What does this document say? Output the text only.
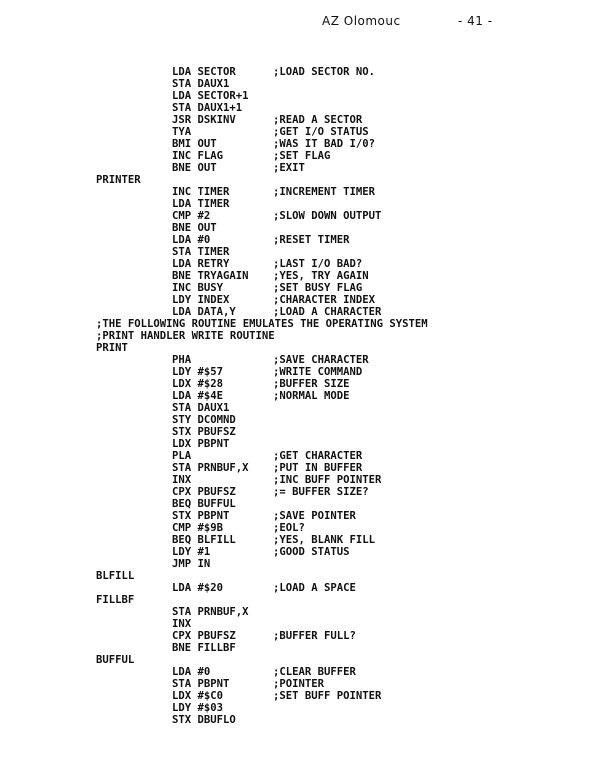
AZ Olomouc	- 41 -
LDA SECTOR	;LOAD SECTOR NO.
STA DAUX1
LDA SECTOR+1
STA DAUX1+1
JSR DSKINV	;READ A SECTOR
TYA	;GET I/O STATUS
BMI OUT	;WAS IT BAD I/0?
INC FLAG	;SET FLAG
BNE OUT	;EXIT
PRINTER
INC TIMER	;INCREMENT TIMER
LDA TIMER
CMP #2	;SLOW DOWN OUTPUT
BNE OUT
LDA #0	;RESET TIMER
STA TIMER
LDA RETRY	;LAST I/O BAD?
BNE TRYAGAIN ;YES, TRY AGAIN
INC BUSY	;SET BUSY FLAG
LDY INDEX	;CHARACTER INDEX
LDA DATA,Y	;LOAD A CHARACTER
;THE FOLLOWING ROUTINE EMULATES THE OPERATING SYSTEM
;PRINT HANDLER WRITE ROUTINE
PRINT
PHA	;SAVE CHARACTER
LDY #$57	;WRITE COMMAND
LDX #$28	;BUFFER SIZE
LDA #$4E	;NORMAL MODE
STA DAUX1
STY DCOMND
STX PBUFSZ
LDX PBPNT
PLA	;GET CHARACTER
STA PRNBUF,X ;PUT IN BUFFER
INX	;INC BUFF POINTER
CPX PBUFSZ	;= BUFFER SIZE?
BEQ BUFFUL
STX PBPNT	;SAVE POINTER
CMP #$9B	;EOL?
BEQ BLFILL	;YES, BLANK FILL
LDY #1	;GOOD STATUS
JMP IN
BLFILL
LDA #$20	;LOAD A SPACE
FILLBF
STA PRNBUF,X
INX
CPX PBUFSZ	;BUFFER FULL?
BNE FILLBF
BUFFUL
LDA #0	;CLEAR BUFFER
STA PBPNT	;POINTER
LDX #$C0	;SET BUFF POINTER
LDY #$03
STX DBUFLO
